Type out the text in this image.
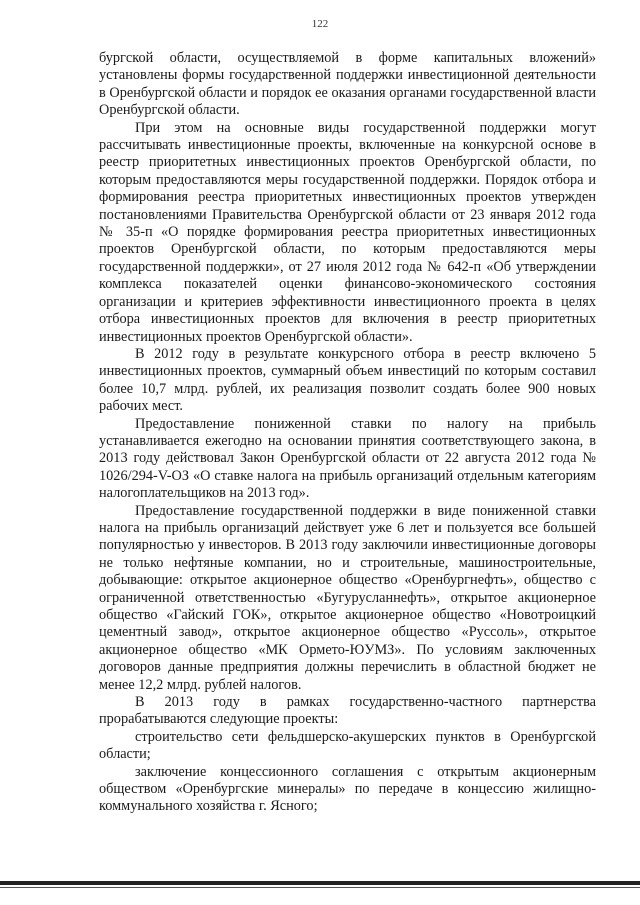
122

бургской области, осуществляемой в форме капитальных вложений» установлены формы государственной поддержки инвестиционной деятельности в Оренбургской области и порядок ее оказания органами государственной власти Оренбургской области.

При этом на основные виды государственной поддержки могут рассчитывать инвестиционные проекты, включенные на конкурсной основе в реестр приоритетных инвестиционных проектов Оренбургской области, по которым предоставляются меры государственной поддержки. Порядок отбора и формирования реестра приоритетных инвестиционных проектов утвержден постановлениями Правительства Оренбургской области от 23 января 2012 года № 35-п «О порядке формирования реестра приоритетных инвестиционных проектов Оренбургской области, по которым предоставляются меры государственной поддержки», от 27 июля 2012 года № 642-п «Об утверждении комплекса показателей оценки финансово-экономического состояния организации и критериев эффективности инвестиционного проекта в целях отбора инвестиционных проектов для включения в реестр приоритетных инвестиционных проектов Оренбургской области».

В 2012 году в результате конкурсного отбора в реестр включено 5 инвестиционных проектов, суммарный объем инвестиций по которым составил более 10,7 млрд. рублей, их реализация позволит создать более 900 новых рабочих мест.

Предоставление пониженной ставки по налогу на прибыль устанавливается ежегодно на основании принятия соответствующего закона, в 2013 году действовал Закон Оренбургской области от 22 августа 2012 года № 1026/294-V-ОЗ «О ставке налога на прибыль организаций отдельным категориям налогоплательщиков на 2013 год».

Предоставление государственной поддержки в виде пониженной ставки налога на прибыль организаций действует уже 6 лет и пользуется все большей популярностью у инвесторов. В 2013 году заключили инвестиционные договоры не только нефтяные компании, но и строительные, машиностроительные, добывающие: открытое акционерное общество «Оренбургнефть», общество с ограниченной ответственностью «Бугурусланнефть», открытое акционерное общество «Гайский ГОК», открытое акционерное общество «Новотроицкий цементный завод», открытое акционерное общество «Руссоль», открытое акционерное общество «МК Ормето-ЮУМЗ». По условиям заключенных договоров данные предприятия должны перечислить в областной бюджет не менее 12,2 млрд. рублей налогов.

В 2013 году в рамках государственно-частного партнерства прорабатываются следующие проекты:

строительство сети фельдшерско-акушерских пунктов в Оренбургской области;

заключение концессионного соглашения с открытым акционерным обществом «Оренбургские минералы» по передаче в концессию жилищно-коммунального хозяйства г. Ясного;
